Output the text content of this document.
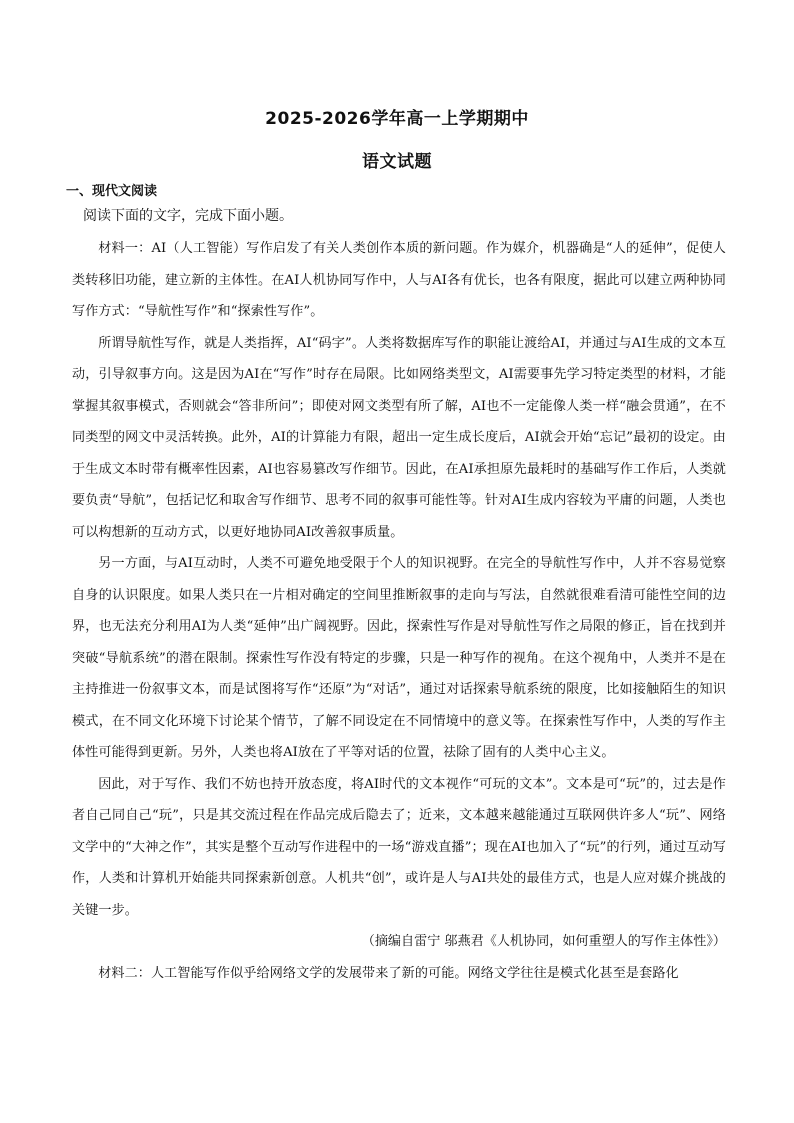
2025-2026学年高一上学期期中
语文试题
一、现代文阅读
阅读下面的文字，完成下面小题。

材料一：AI（人工智能）写作启发了有关人类创作本质的新问题。作为媒介，机器确是“人的延伸”，促使人类转移旧功能，建立新的主体性。在AI人机协同写作中，人与AI各有优长，也各有限度，据此可以建立两种协同写作方式：“导航性写作”和“探索性写作”。

所谓导航性写作，就是人类指挥，AI“码字”。人类将数据库写作的职能让渡给AI，并通过与AI生成的文本互动，引导叙事方向。这是因为AI在“写作”时存在局限。比如网络类型文，AI需要事先学习特定类型的材料，才能掌握其叙事模式，否则就会“答非所问”；即使对网文类型有所了解，AI也不一定能像人类一样“融会贯通”，在不同类型的网文中灵活转换。此外，AI的计算能力有限，超出一定生成长度后，AI就会开始“忘记”最初的设定。由于生成文本时带有概率性因素，AI也容易篡改写作细节。因此，在AI承担原先最耗时的基础写作工作后，人类就要负责“导航”，包括记忆和取舍写作细节、思考不同的叙事可能性等。针对AI生成内容较为平庸的问题，人类也可以构想新的互动方式，以更好地协同AI改善叙事质量。

另一方面，与AI互动时，人类不可避免地受限于个人的知识视野。在完全的导航性写作中，人并不容易觉察自身的认识限度。如果人类只在一片相对确定的空间里推断叙事的走向与写法，自然就很难看清可能性空间的边界，也无法充分利用AI为人类“延伸”出广阔视野。因此，探索性写作是对导航性写作之局限的修正，旨在找到并突破“导航系统”的潜在限制。探索性写作没有特定的步骤，只是一种写作的视角。在这个视角中，人类并不是在主持推进一份叙事文本，而是试图将写作“还原”为“对话”，通过对话探索导航系统的限度，比如接触陌生的知识模式，在不同文化环境下讨论某个情节，了解不同设定在不同情境中的意义等。在探索性写作中，人类的写作主体性可能得到更新。另外，人类也将AI放在了平等对话的位置，祛除了固有的人类中心主义。

因此，对于写作、我们不妨也持开放态度，将AI时代的文本视作“可玩的文本”。文本是可“玩”的，过去是作者自己同自己“玩”，只是其交流过程在作品完成后隐去了；近来，文本越来越能通过互联网供许多人“玩”、网络文学中的“大神之作”，其实是整个互动写作进程中的一场“游戏直播”；现在AI也加入了“玩”的行列，通过互动写作，人类和计算机开始能共同探索新创意。人机共“创”，或许是人与AI共处的最佳方式，也是人应对媒介挑战的关键一步。

（摘编自雷宁 邬燕君《人机协同，如何重塑人的写作主体性》）

材料二：人工智能写作似乎给网络文学的发展带来了新的可能。网络文学往往是模式化甚至是套路化
